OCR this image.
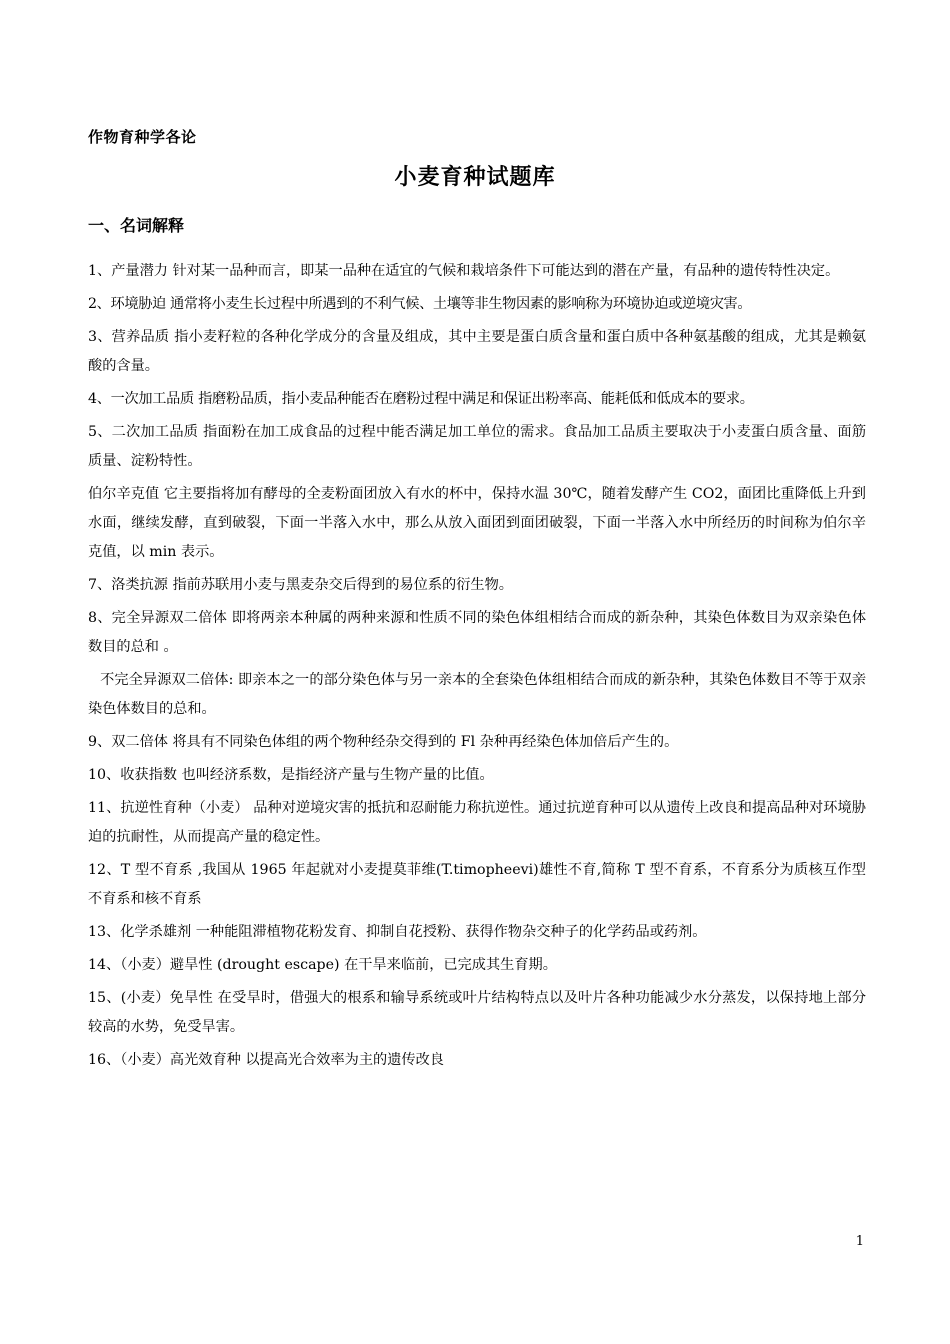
作物育种学各论
小麦育种试题库
一、名词解释

1、产量潜力 针对某一品种而言，即某一品种在适宜的气候和栽培条件下可能达到的潜在产量，有品种的遗传特性决定。

2、环境胁迫 通常将小麦生长过程中所遇到的不利气候、土壤等非生物因素的影响称为环境协迫或逆境灾害。

3、营养品质 指小麦籽粒的各种化学成分的含量及组成，其中主要是蛋白质含量和蛋白质中各种氨基酸的组成，尤其是赖氨酸的含量。

4、一次加工品质 指磨粉品质，指小麦品种能否在磨粉过程中满足和保证出粉率高、能耗低和低成本的要求。

5、二次加工品质 指面粉在加工成食品的过程中能否满足加工单位的需求。食品加工品质主要取决于小麦蛋白质含量、面筋质量、淀粉特性。

伯尔辛克值 它主要指将加有酵母的全麦粉面团放入有水的杯中，保持水温 30℃，随着发酵产生 CO2，面团比重降低上升到水面，继续发酵，直到破裂，下面一半落入水中，那么从放入面团到面团破裂，下面一半落入水中所经历的时间称为伯尔辛克值，以 min 表示。

7、洛类抗源 指前苏联用小麦与黑麦杂交后得到的易位系的衍生物。

8、完全异源双二倍体 即将两亲本种属的两种来源和性质不同的染色体组相结合而成的新杂种，其染色体数目为双亲染色体数目的总和 。

不完全异源双二倍体: 即亲本之一的部分染色体与另一亲本的全套染色体组相结合而成的新杂种，其染色体数目不等于双亲染色体数目的总和。

9、双二倍体 将具有不同染色体组的两个物种经杂交得到的 Fl 杂种再经染色体加倍后产生的。

10、收获指数 也叫经济系数，是指经济产量与生物产量的比值。

11、抗逆性育种（小麦） 品种对逆境灾害的抵抗和忍耐能力称抗逆性。通过抗逆育种可以从遗传上改良和提高品种对环境胁迫的抗耐性，从而提高产量的稳定性。

12、T 型不育系 ,我国从 1965 年起就对小麦提莫菲维(T.timopheevi)雄性不育,简称 T 型不育系，不育系分为质核互作型不育系和核不育系

13、化学杀雄剂 一种能阻滞植物花粉发育、抑制自花授粉、获得作物杂交种子的化学药品或药剂。

14、（小麦）避旱性 (drought escape) 在干旱来临前，已完成其生育期。

15、(小麦）免旱性 在受旱时，借强大的根系和输导系统或叶片结构特点以及叶片各种功能减少水分蒸发，以保持地上部分较高的水势，免受旱害。

16、（小麦）高光效育种 以提高光合效率为主的遗传改良

1
